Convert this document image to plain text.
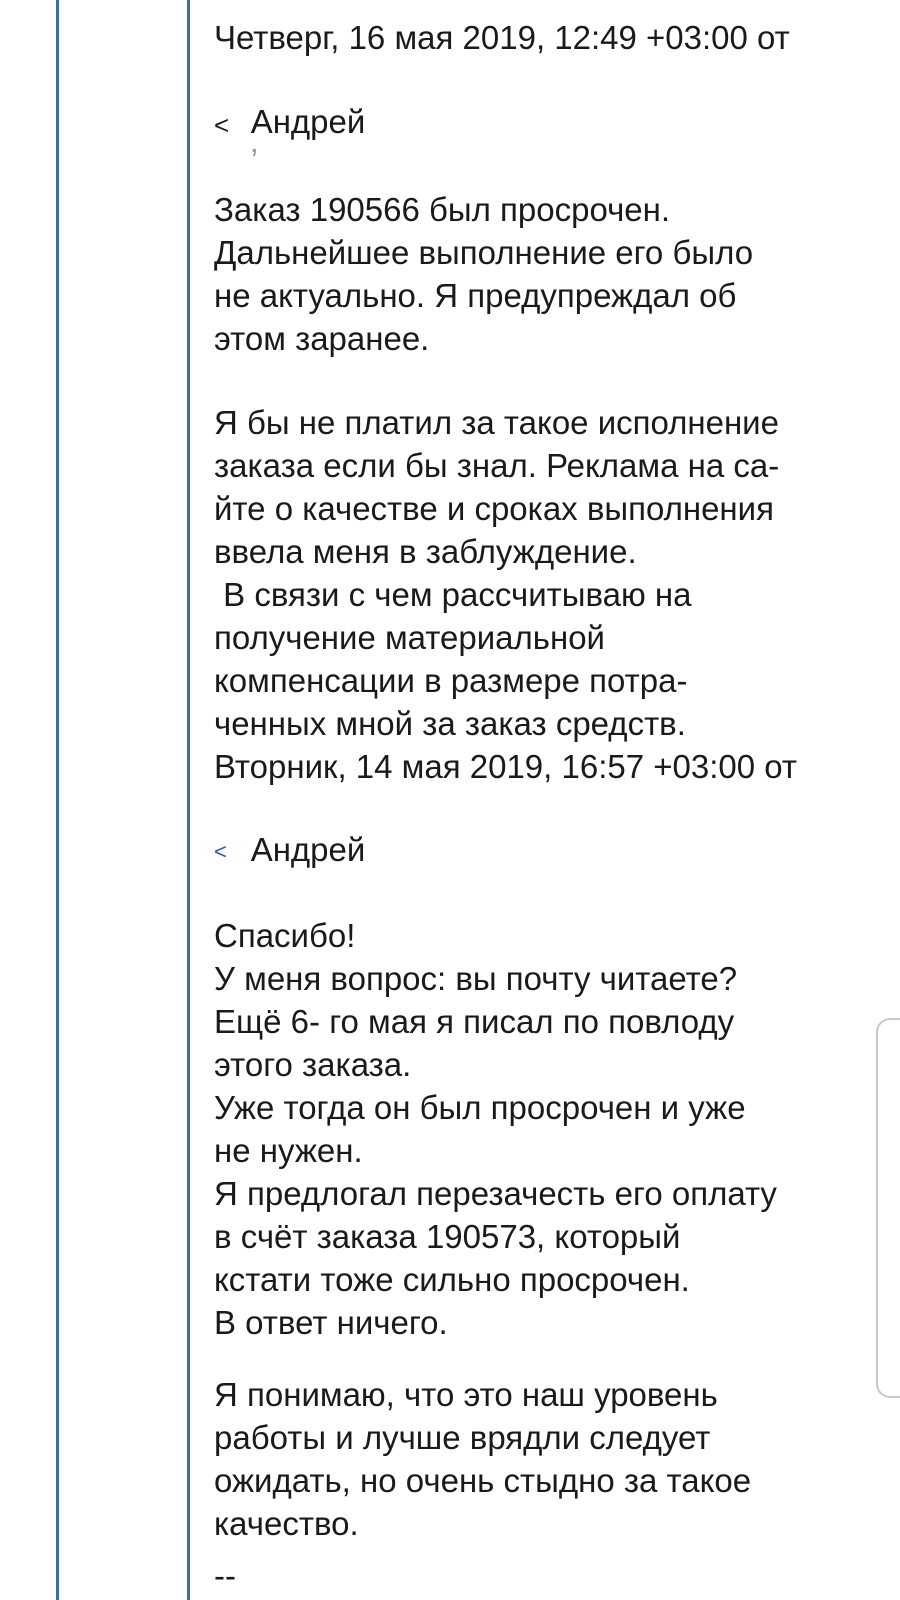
Четверг, 16 мая 2019, 12:49 +03:00 от

Андрей
ʼ

<
Заказ 190566 был просрочен.
Дальнейшее выполнение его было
не актуально. Я предупреждал об
этом заранее.
Я бы не платил за такое исполнение
заказа если бы знал. Реклама на са-
йте о качестве и сроках выполнения
ввела меня в заблуждение.
В связи с чем рассчитываю на
получение материальной
компенсации в размере потра-
ченных мной за заказ средств.
Вторник, 14 мая 2019, 16:57 +03:00 от

Андрей

<
Спасибо!
У меня вопрос: вы почту читаете?
Ещё 6- го мая я писал по повлоду
этого заказа.
Уже тогда он был просрочен и уже
не нужен.
Я предлогал перезачесть его оплату
в счёт заказа 190573, который
кстати тоже сильно просрочен.
В ответ ничего.
Я понимаю, что это наш уровень
работы и лучше врядли следует
ожидать, но очень стыдно за такое
качество.
--
